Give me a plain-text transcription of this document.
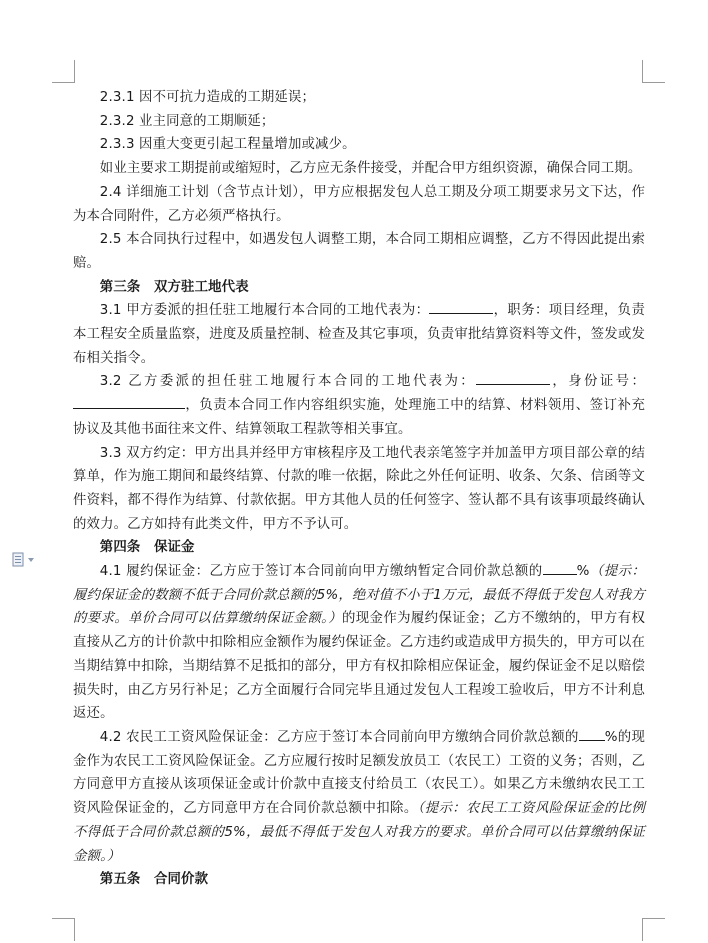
2.3.1 因不可抗力造成的工期延误；

2.3.2 业主同意的工期顺延；

2.3.3 因重大变更引起工程量增加或减少。

如业主要求工期提前或缩短时，乙方应无条件接受，并配合甲方组织资源，确保合同工期。

2.4 详细施工计划（含节点计划），甲方应根据发包人总工期及分项工期要求另文下达，作为本合同附件，乙方必须严格执行。

2.5 本合同执行过程中，如遇发包人调整工期，本合同工期相应调整，乙方不得因此提出索赔。

第三条　双方驻工地代表

3.1 甲方委派的担任驻工地履行本合同的工地代表为：	，职务：项目经理，负责本工程安全质量监察，进度及质量控制、检查及其它事项，负责审批结算资料等文件，签发或发布相关指令。

3.2 乙方委派的担任驻工地履行本合同的工地代表为：	，身份证号：，负责本合同工作内容组织实施，处理施工中的结算、材料领用、签订补充协议及其他书面往来文件、结算领取工程款等相关事宜。

3.3 双方约定：甲方出具并经甲方审核程序及工地代表亲笔签字并加盖甲方项目部公章的结算单，作为施工期间和最终结算、付款的唯一依据，除此之外任何证明、收条、欠条、信函等文件资料，都不得作为结算、付款依据。甲方其他人员的任何签字、签认都不具有该事项最终确认的效力。乙方如持有此类文件，甲方不予认可。

第四条　保证金

4.1 履约保证金：乙方应于签订本合同前向甲方缴纳暂定合同价款总额的	%（提示：履约保证金的数额不低于合同价款总额的5%，绝对值不小于1万元，最低不得低于发包人对我方的要求。单价合同可以估算缴纳保证金额。）的现金作为履约保证金；乙方不缴纳的，甲方有权直接从乙方的计价款中扣除相应金额作为履约保证金。乙方违约或造成甲方损失的，甲方可以在当期结算中扣除，当期结算不足抵扣的部分，甲方有权扣除相应保证金，履约保证金不足以赔偿损失时，由乙方另行补足；乙方全面履行合同完毕且通过发包人工程竣工验收后，甲方不计利息返还。

4.2 农民工工资风险保证金：乙方应于签订本合同前向甲方缴纳合同价款总额的 %的现金作为农民工工资风险保证金。乙方应履行按时足额发放员工（农民工）工资的义务；否则，乙方同意甲方直接从该项保证金或计价款中直接支付给员工（农民工）。如果乙方未缴纳农民工工资风险保证金的，乙方同意甲方在合同价款总额中扣除。（提示：农民工工资风险保证金的比例不得低于合同价款总额的5%，最低不得低于发包人对我方的要求。单价合同可以估算缴纳保证金额。）

第五条　合同价款
